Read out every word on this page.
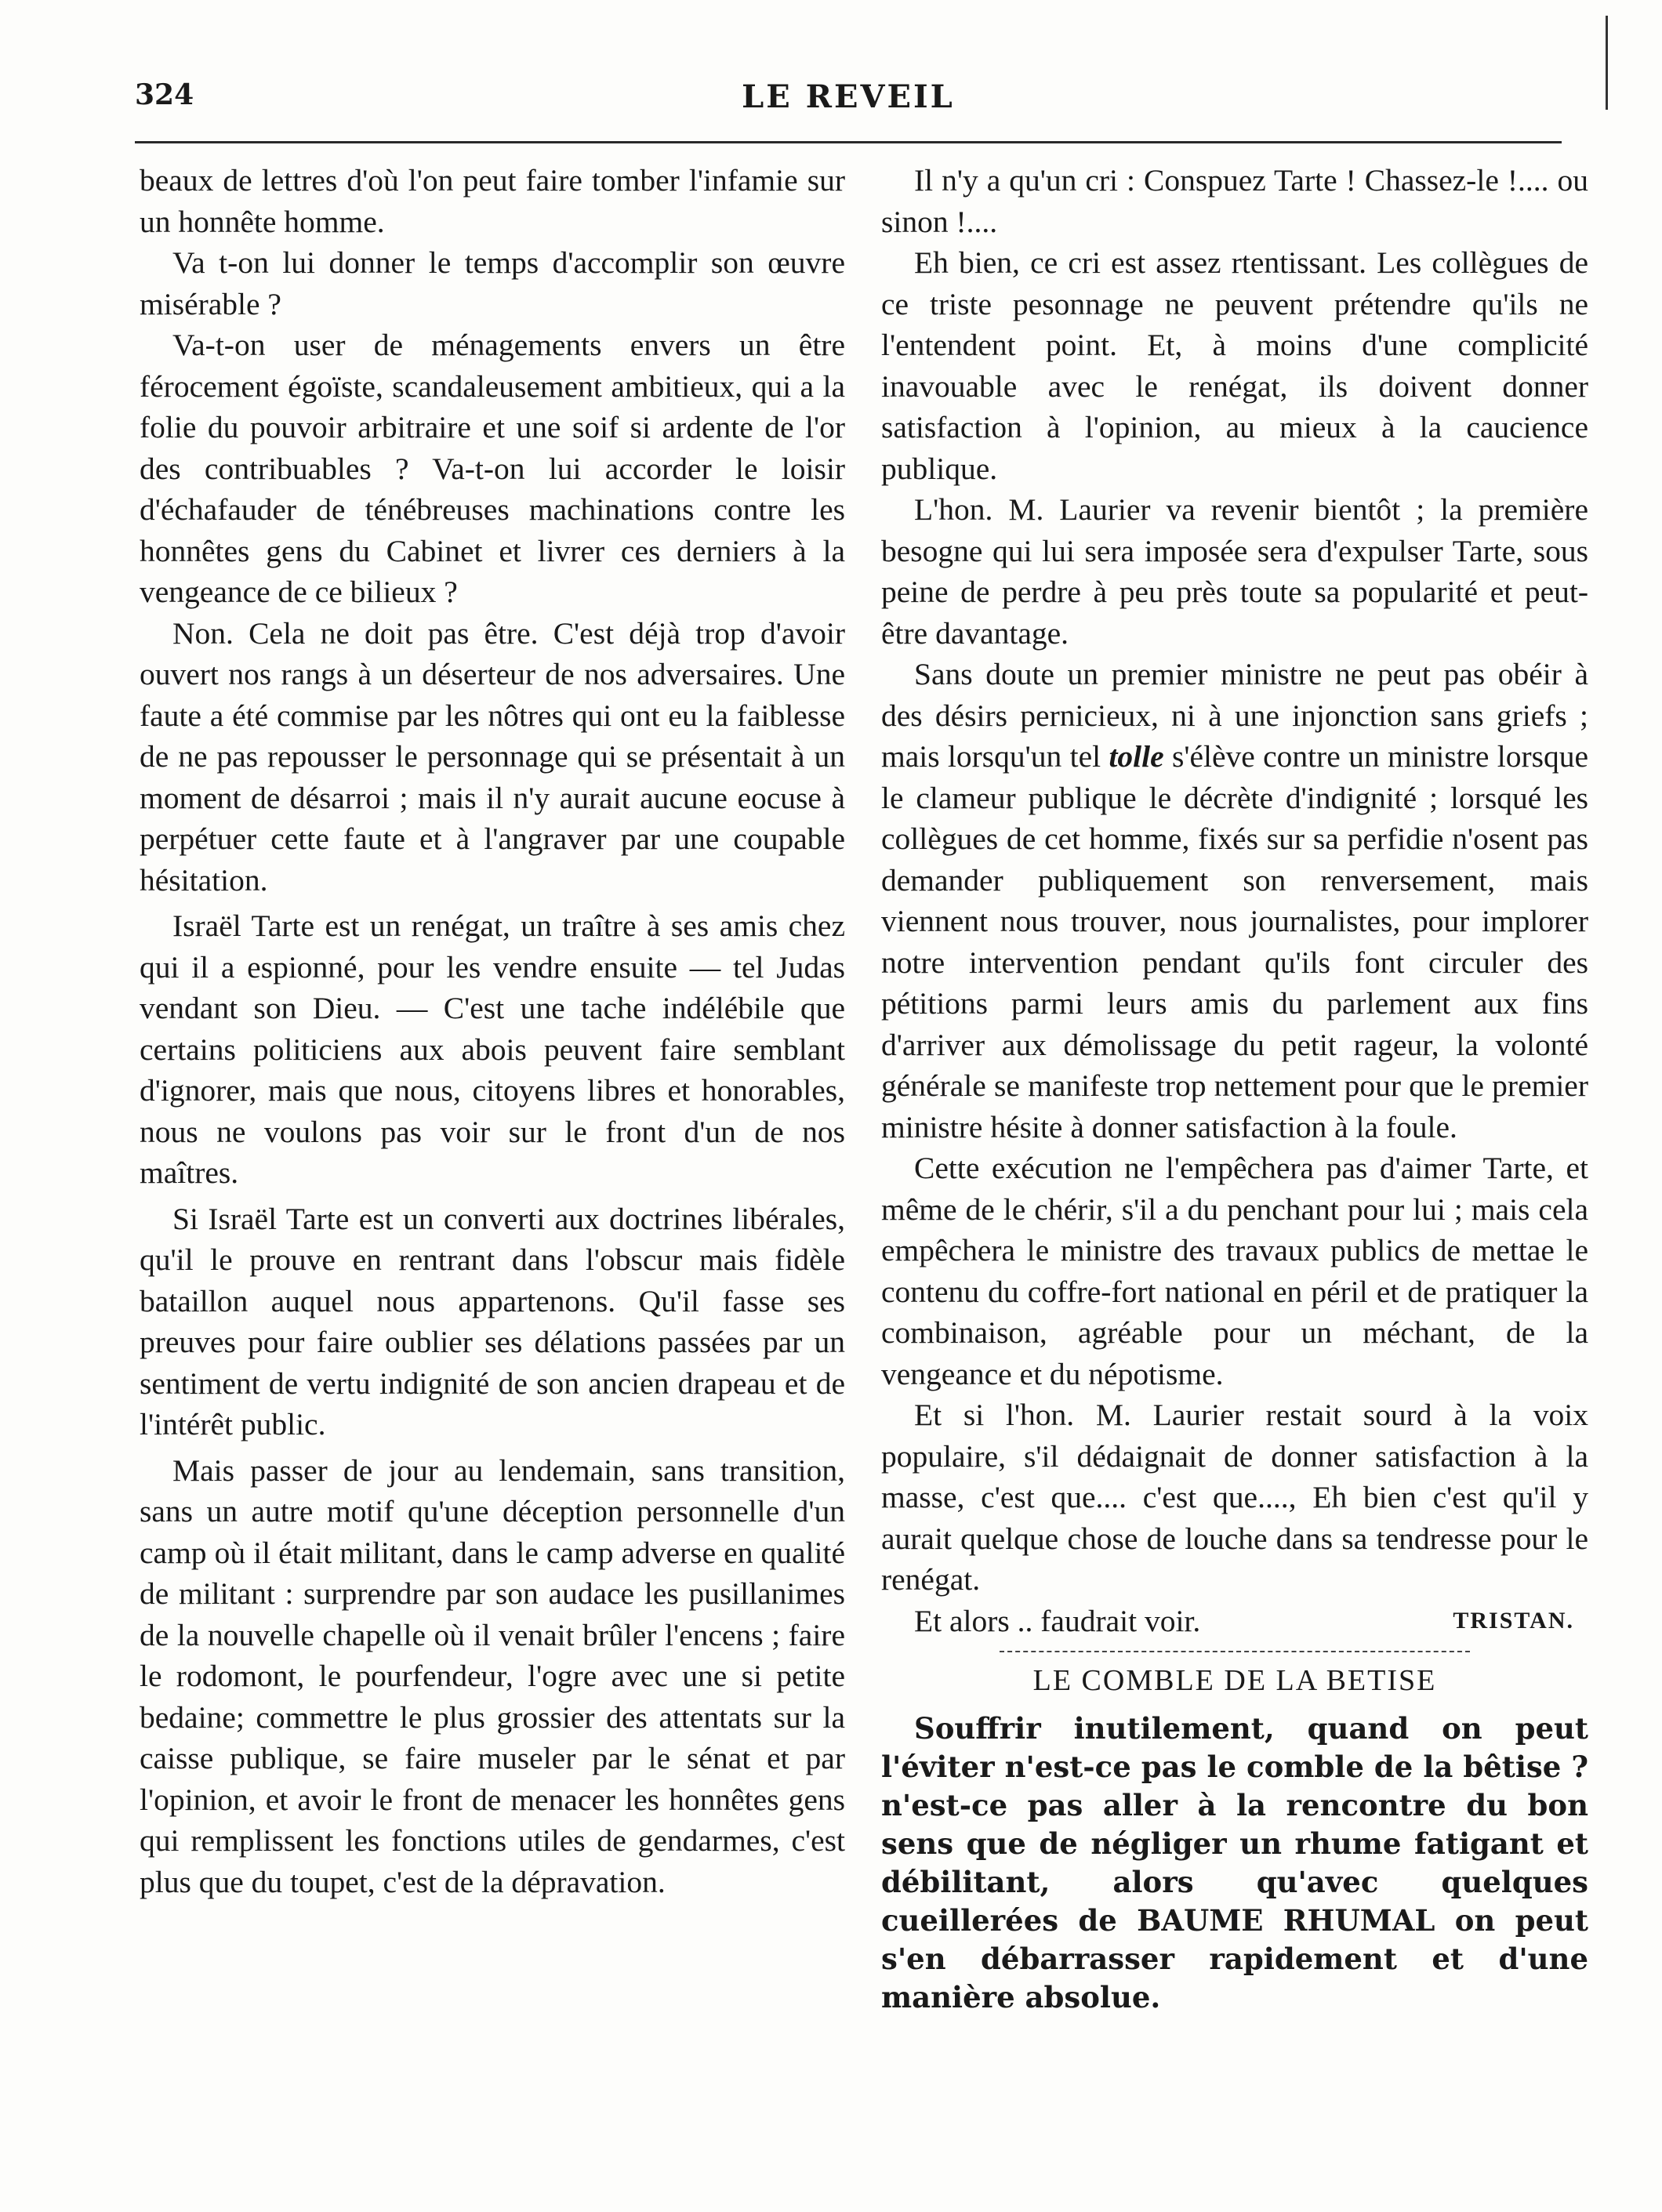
324	LE REVEIL

beaux de lettres d'où l'on peut faire tomber l'infamie sur un honnête homme.

Va t-on lui donner le temps d'accomplir son œuvre misérable ?

Va-t-on user de ménagements envers un être férocement égoïste, scandaleusement ambitieux, qui a la folie du pouvoir arbitraire et une soif si ardente de l'or des contribuables ? Va-t-on lui accorder le loisir d'échafauder de ténébreuses machinations contre les honnêtes gens du Cabinet et livrer ces derniers à la vengeance de ce bilieux ?

Non. Cela ne doit pas être. C'est déjà trop d'avoir ouvert nos rangs à un déserteur de nos adversaires. Une faute a été commise par les nôtres qui ont eu la faiblesse de ne pas repousser le personnage qui se présentait à un moment de désarroi ; mais il n'y aurait aucune eocuse à perpétuer cette faute et à l'angraver par une coupable hésitation.

Israël Tarte est un renégat, un traître à ses amis chez qui il a espionné, pour les vendre ensuite — tel Judas vendant son Dieu. — C'est une tache indélébile que certains politiciens aux abois peuvent faire semblant d'ignorer, mais que nous, citoyens libres et honorables, nous ne voulons pas voir sur le front d'un de nos maîtres.

Si Israël Tarte est un converti aux doctrines libérales, qu'il le prouve en rentrant dans l'obscur mais fidèle bataillon auquel nous appartenons. Qu'il fasse ses preuves pour faire oublier ses délations passées par un sentiment de vertu indignité de son ancien drapeau et de l'intérêt public.

Mais passer de jour au lendemain, sans transition, sans un autre motif qu'une déception personnelle d'un camp où il était militant, dans le camp adverse en qualité de militant : surprendre par son audace les pusillanimes de la nouvelle chapelle où il venait brûler l'encens ; faire le rodomont, le pourfendeur, l'ogre avec une si petite bedaine; commettre le plus grossier des attentats sur la caisse publique, se faire museler par le sénat et par l'opinion, et avoir le front de menacer les honnêtes gens qui remplissent les fonctions utiles de gendarmes, c'est plus que du toupet, c'est de la dépravation.

Il n'y a qu'un cri : Conspuez Tarte ! Chassez-le !.... ou sinon !....

Eh bien, ce cri est assez rtentissant. Les collègues de ce triste pesonnage ne peuvent prétendre qu'ils ne l'entendent point. Et, à moins d'une complicité inavouable avec le renégat, ils doivent donner satisfaction à l'opinion, au mieux à la caucience publique.

L'hon. M. Laurier va revenir bientôt ; la première besogne qui lui sera imposée sera d'expulser Tarte, sous peine de perdre à peu près toute sa popularité et peut-être davantage.

Sans doute un premier ministre ne peut pas obéir à des désirs pernicieux, ni à une injonction sans griefs ; mais lorsqu'un tel tolle s'élève contre un ministre lorsque le clameur publique le décrète d'indignité ; lorsqué les collègues de cet homme, fixés sur sa perfidie n'osent pas demander publiquement son renversement, mais viennent nous trouver, nous journalistes, pour implorer notre intervention pendant qu'ils font circuler des pétitions parmi leurs amis du parlement aux fins d'arriver aux démolissage du petit rageur, la volonté générale se manifeste trop nettement pour que le premier ministre hésite à donner satisfaction à la foule.

Cette exécution ne l'empêchera pas d'aimer Tarte, et même de le chérir, s'il a du penchant pour lui ; mais cela empêchera le ministre des travaux publics de mettae le contenu du coffre-fort national en péril et de pratiquer la combinaison, agréable pour un méchant, de la vengeance et du népotisme.

Et si l'hon. M. Laurier restait sourd à la voix populaire, s'il dédaignait de donner satisfaction à la masse, c'est que.... c'est que...., Eh bien c'est qu'il y aurait quelque chose de louche dans sa tendresse pour le renégat.

Et alors .. faudrait voir.	TRISTAN.
LE COMBLE DE LA BETISE
Souffrir inutilement, quand on peut l'éviter n'est-ce pas le comble de la bêtise ? n'est-ce pas aller à la rencontre du bon sens que de négliger un rhume fatigant et débilitant, alors qu'avec quelques cueillerées de BAUME RHUMAL on peut s'en débarrasser rapidement et d'une manière absolue.
